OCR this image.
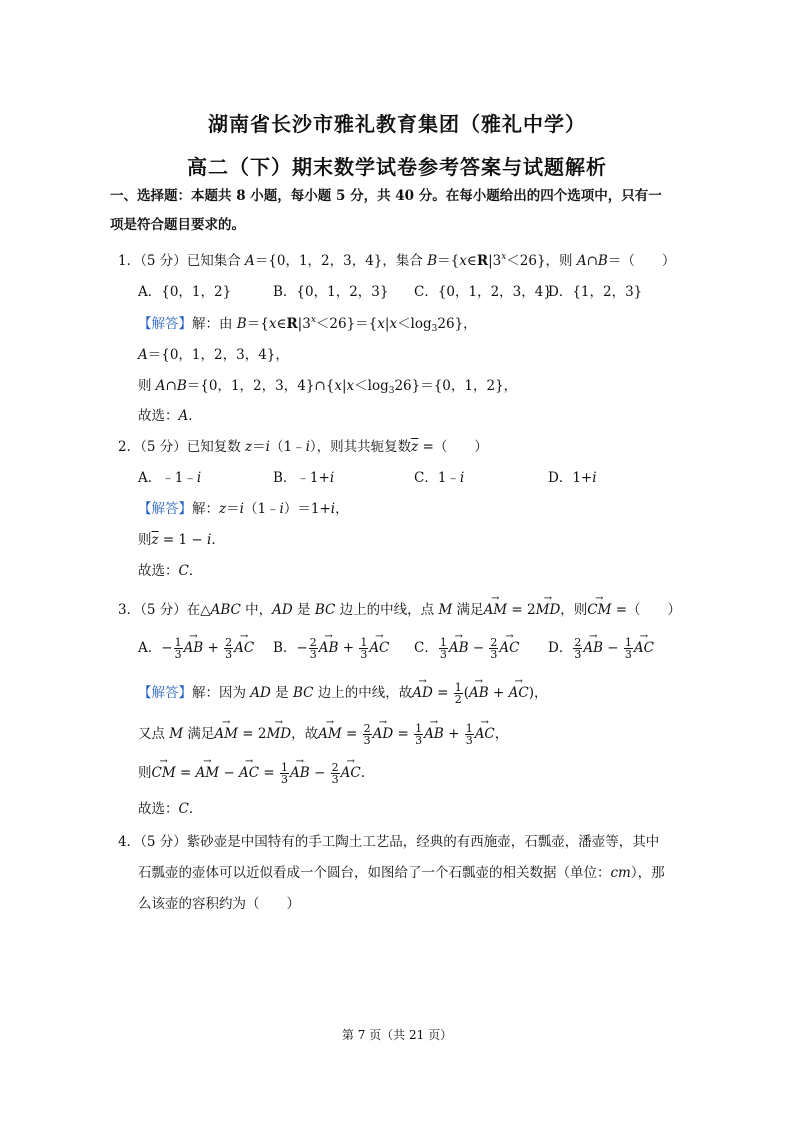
湖南省长沙市雅礼教育集团（雅礼中学）
高二（下）期末数学试卷参考答案与试题解析
一、选择题：本题共 8 小题，每小题 5 分，共 40 分。在每小题给出的四个选项中，只有一
项是符合题目要求的。
1．（5 分）已知集合 A＝{0，1，2，3，4}，集合 $B=\{x\in R|3^x<26\}$，则 A∩B＝（　　）
A．{0，1，2}	B．{0，1，2，3} C．{0，1，2，3，4}
D．{1，2，3}
【解答】解：由 $B=\{x\in R|3^x<26\}=\{x|x<\log_326\}$，
A＝{0，1，2，3，4}，
则 A∩B＝{0，1，2，3，$4\}\cap\{x|x<\log_326\}=\{0$，1，2}，
故选：A．
2．（5 分）已知复数 z＝i（1﹣i），则其共轭复数$\overline{z}$ =（　　）
A．﹣1﹣i	B．﹣1+i	C．1﹣i	D．1+i
【解答】解：z＝i（1﹣i）＝1+i，
则$\overline{z} = 1 - i$.
故选：C．
3．（5 分）在△ABC 中，AD 是 BC 边上的中线，点 M 满足→ AM = 2→ MD，则→ CM =（　　）
A．− $\frac{1}{3}$ → AB + $\frac{2}{3}$ → AC B．− $\frac{2}{3}$ → AB + $\frac{1}{3}$ → AC C． $\frac{1}{3}$ → AB − $\frac{2}{3}$ → AC D． $\frac{2}{3}$ → AB − $\frac{1}{3}$ → AC
【解答】解：因为 AD 是 BC 边上的中线，故→ AD = $\frac{1}{2}$ (→ AB + → AC)，
又点 M 满足→ AM = 2→ MD，故→ AM = $\frac{2}{3}$ → AD = $\frac{1}{3}$ → AB + $\frac{1}{3}$ → AC，
则→ CM = → AM − → AC = $\frac{1}{3}$ → AB − $\frac{2}{3}$ → AC.
故选：C．
4．（5 分）紫砂壶是中国特有的手工陶土工艺品，经典的有西施壶，石瓢壶，潘壶等，其中
石瓢壶的壶体可以近似看成一个圆台，如图给了一个石瓢壶的相关数据（单位：cm），那
么该壶的容积约为（　　）
第 7 页（共 21 页）
